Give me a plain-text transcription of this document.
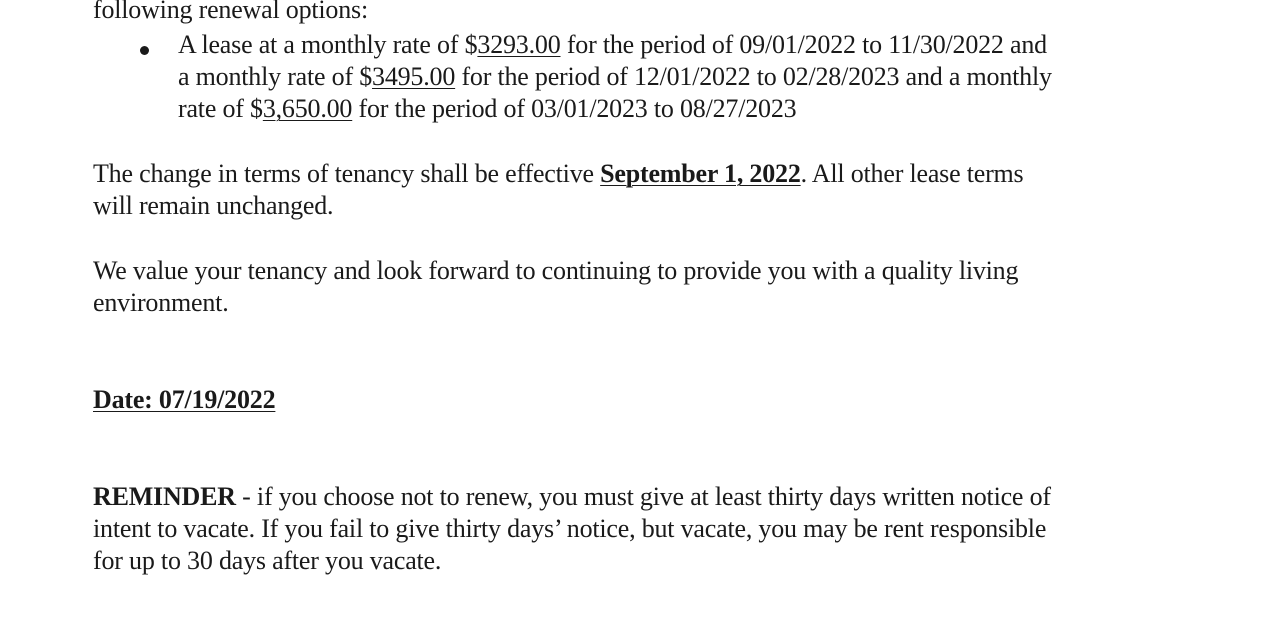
following renewal options:
A lease at a monthly rate of $3293.00 for the period of 09/01/2022 to 11/30/2022 and
a monthly rate of $3495.00 for the period of 12/01/2022 to 02/28/2023 and a monthly
rate of $3,650.00 for the period of 03/01/2023 to 08/27/2023
The change in terms of tenancy shall be effective September 1, 2022. All other lease terms
will remain unchanged.
We value your tenancy and look forward to continuing to provide you with a quality living
environment.
Date: 07/19/2022
REMINDER - if you choose not to renew, you must give at least thirty days written notice of
intent to vacate. If you fail to give thirty days’ notice, but vacate, you may be rent responsible
for up to 30 days after you vacate.
